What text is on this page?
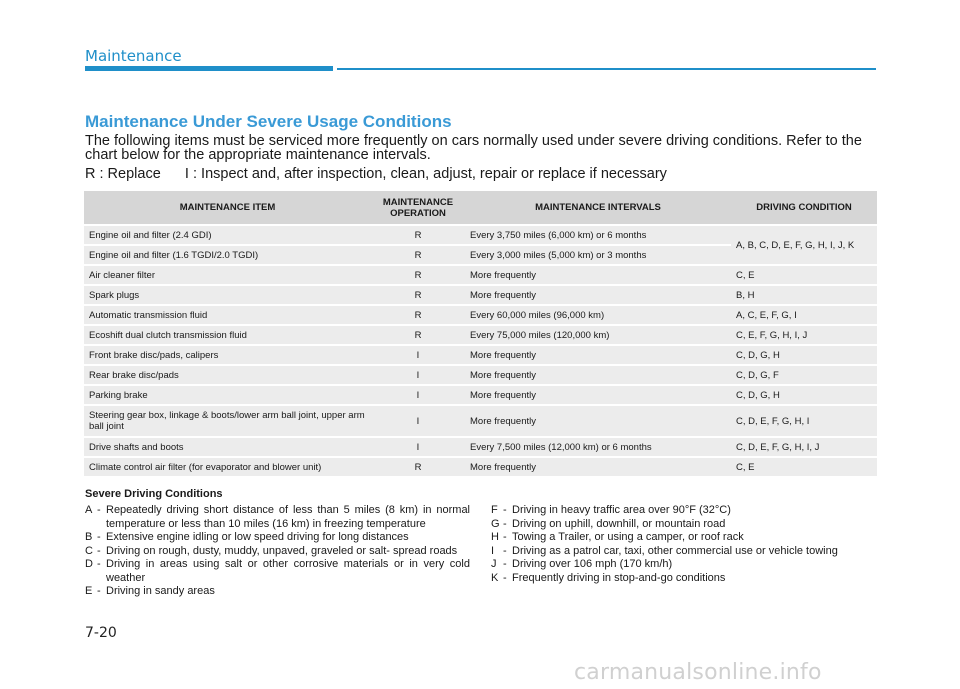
Maintenance
Maintenance Under Severe Usage Conditions
The following items must be serviced more frequently on cars normally used under severe driving conditions. Refer to the chart below for the appropriate maintenance intervals.
R : Replace      I : Inspect and, after inspection, clean, adjust, repair or replace if necessary
MAINTENANCE ITEM	MAINTENANCE OPERATION	MAINTENANCE INTERVALS	DRIVING CONDITION
Engine oil and filter (2.4 GDI)	R	Every 3,750 miles (6,000 km) or 6 months	A, B, C, D, E, F, G, H, I, J, K
Engine oil and filter (1.6 TGDI/2.0 TGDI)	R	Every 3,000 miles (5,000 km) or 3 months	
Air cleaner filter	R	More frequently	C, E
Spark plugs	R	More frequently	B, H
Automatic transmission fluid	R	Every 60,000 miles (96,000 km)	A, C, E, F, G, I
Ecoshift dual clutch transmission fluid	R	Every 75,000 miles (120,000 km)	C, E, F, G, H, I, J
Front brake disc/pads, calipers	I	More frequently	C, D, G, H
Rear brake disc/pads	I	More frequently	C, D, G, F
Parking brake	I	More frequently	C, D, G, H
Steering gear box, linkage & boots/lower arm ball joint, upper arm ball joint	I	More frequently	C, D, E, F, G, H, I
Drive shafts and boots	I	Every 7,500 miles (12,000 km) or 6 months	C, D, E, F, G, H, I, J
Climate control air filter (for evaporator and blower unit)	R	More frequently	C, E
Severe Driving Conditions
A - Repeatedly driving short distance of less than 5 miles (8 km) in normal temperature or less than 10 miles (16 km) in freezing temperature
B - Extensive engine idling or low speed driving for long distances
C - Driving on rough, dusty, muddy, unpaved, graveled or salt- spread roads
D - Driving in areas using salt or other corrosive materials or in very cold weather
E - Driving in sandy areas
F - Driving in heavy traffic area over 90°F (32°C)
G - Driving on uphill, downhill, or mountain road
H - Towing a Trailer, or using a camper, or roof rack
I - Driving as a patrol car, taxi, other commercial use or vehicle towing
J - Driving over 106 mph (170 km/h)
K - Frequently driving in stop-and-go conditions
7-20
carmanualsonline.info
